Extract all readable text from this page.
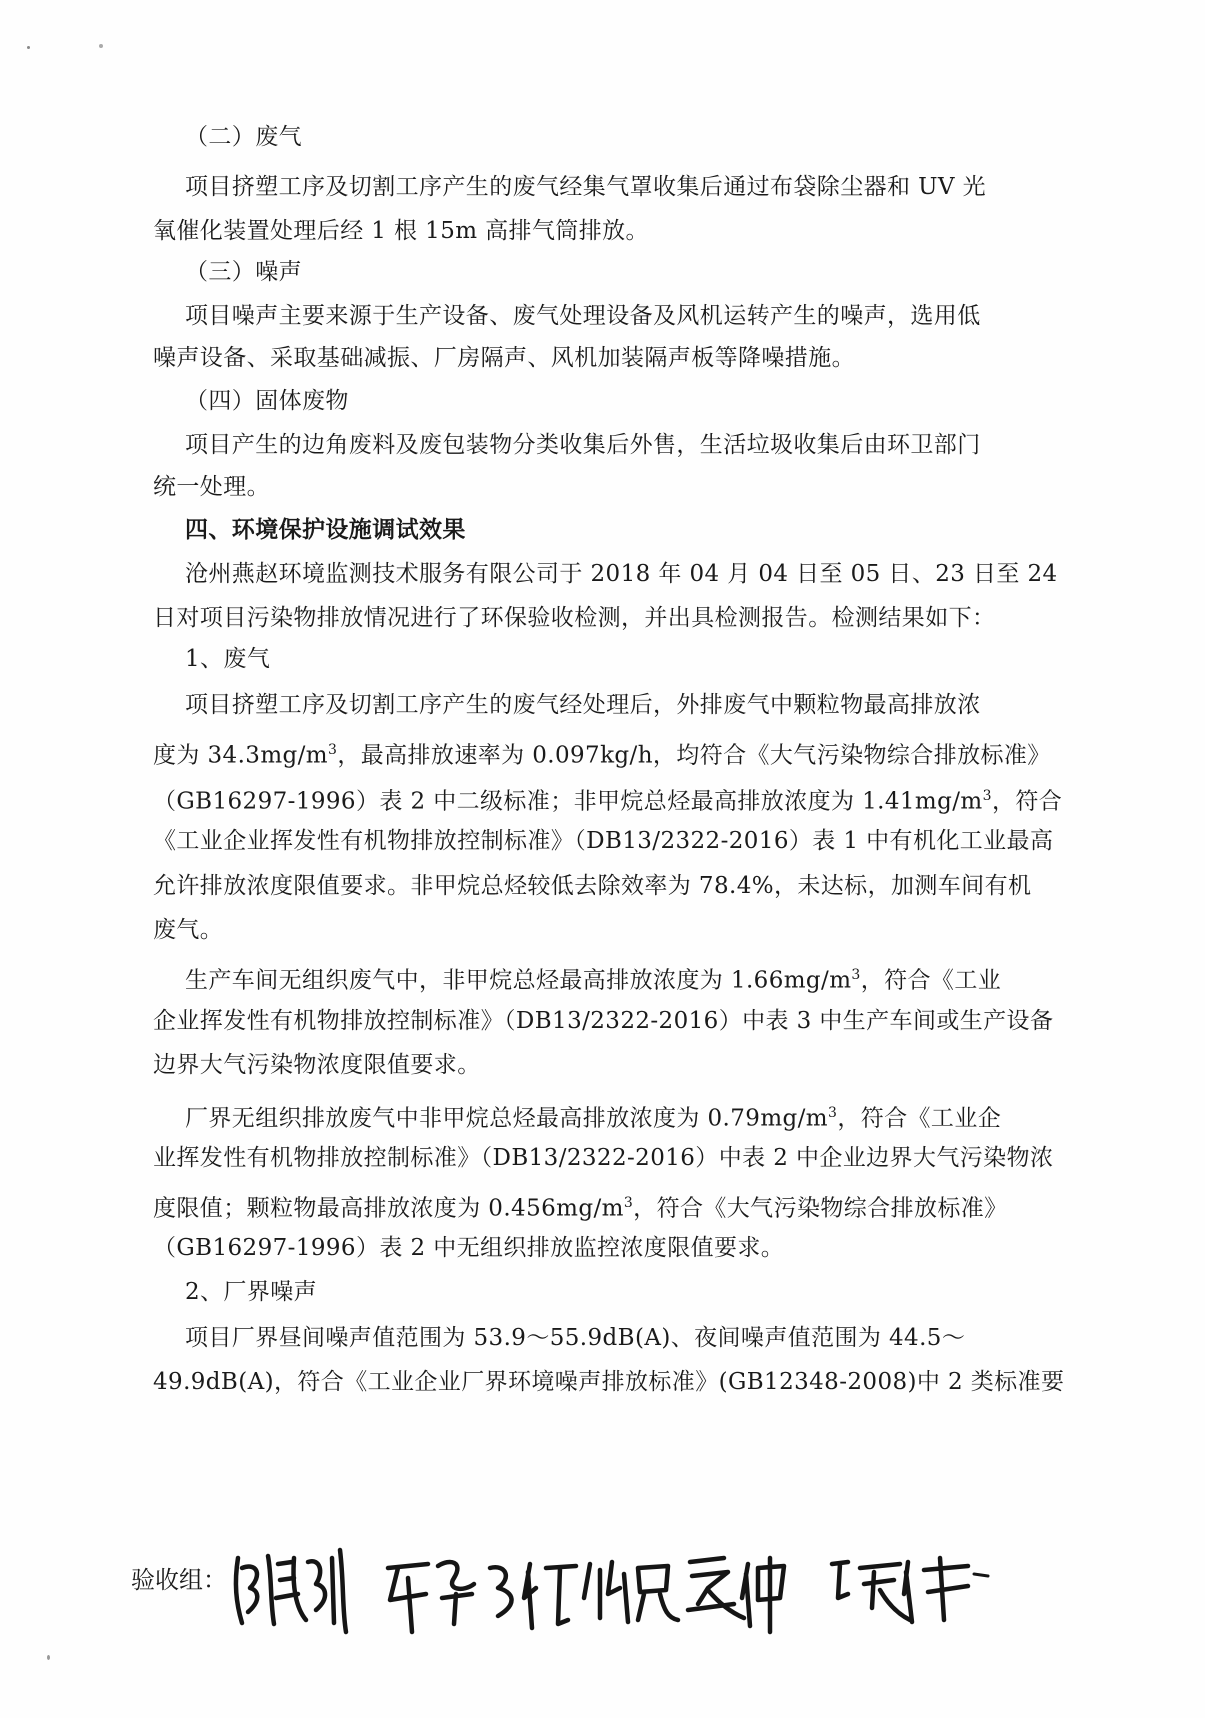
（二）废气
项目挤塑工序及切割工序产生的废气经集气罩收集后通过布袋除尘器和 UV 光
氧催化装置处理后经 1 根 15m 高排气筒排放。
（三）噪声
项目噪声主要来源于生产设备、废气处理设备及风机运转产生的噪声，选用低
噪声设备、采取基础减振、厂房隔声、风机加装隔声板等降噪措施。
（四）固体废物
项目产生的边角废料及废包装物分类收集后外售，生活垃圾收集后由环卫部门
统一处理。
四、环境保护设施调试效果
沧州燕赵环境监测技术服务有限公司于 2018 年 04 月 04 日至 05 日、23 日至 24
日对项目污染物排放情况进行了环保验收检测，并出具检测报告。检测结果如下：
1、废气
项目挤塑工序及切割工序产生的废气经处理后，外排废气中颗粒物最高排放浓
度为 $34.3mg/m^3$，最高排放速率为 0.097kg/h，均符合《大气污染物综合排放标准》
（GB16297-1996）表 2 中二级标准；非甲烷总烃最高排放浓度为 $1.41mg/m^3$，符合
《工业企业挥发性有机物排放控制标准》（DB13/2322-2016）表 1 中有机化工业最高
允许排放浓度限值要求。非甲烷总烃较低去除效率为 78.4%，未达标，加测车间有机
废气。
生产车间无组织废气中，非甲烷总烃最高排放浓度为 $1.66mg/m^3$，符合《工业
企业挥发性有机物排放控制标准》（DB13/2322-2016）中表 3 中生产车间或生产设备
边界大气污染物浓度限值要求。
厂界无组织排放废气中非甲烷总烃最高排放浓度为 $0.79mg/m^3$，符合《工业企
业挥发性有机物排放控制标准》（DB13/2322-2016）中表 2 中企业边界大气污染物浓
度限值；颗粒物最高排放浓度为 $0.456mg/m^3$，符合《大气污染物综合排放标准》
（GB16297-1996）表 2 中无组织排放监控浓度限值要求。
2、厂界噪声
项目厂界昼间噪声值范围为 53.9～55.9dB(A)、夜间噪声值范围为 44.5～
49.9dB(A)，符合《工业企业厂界环境噪声排放标准》(GB12348-2008)中 2 类标准要
验收组：
